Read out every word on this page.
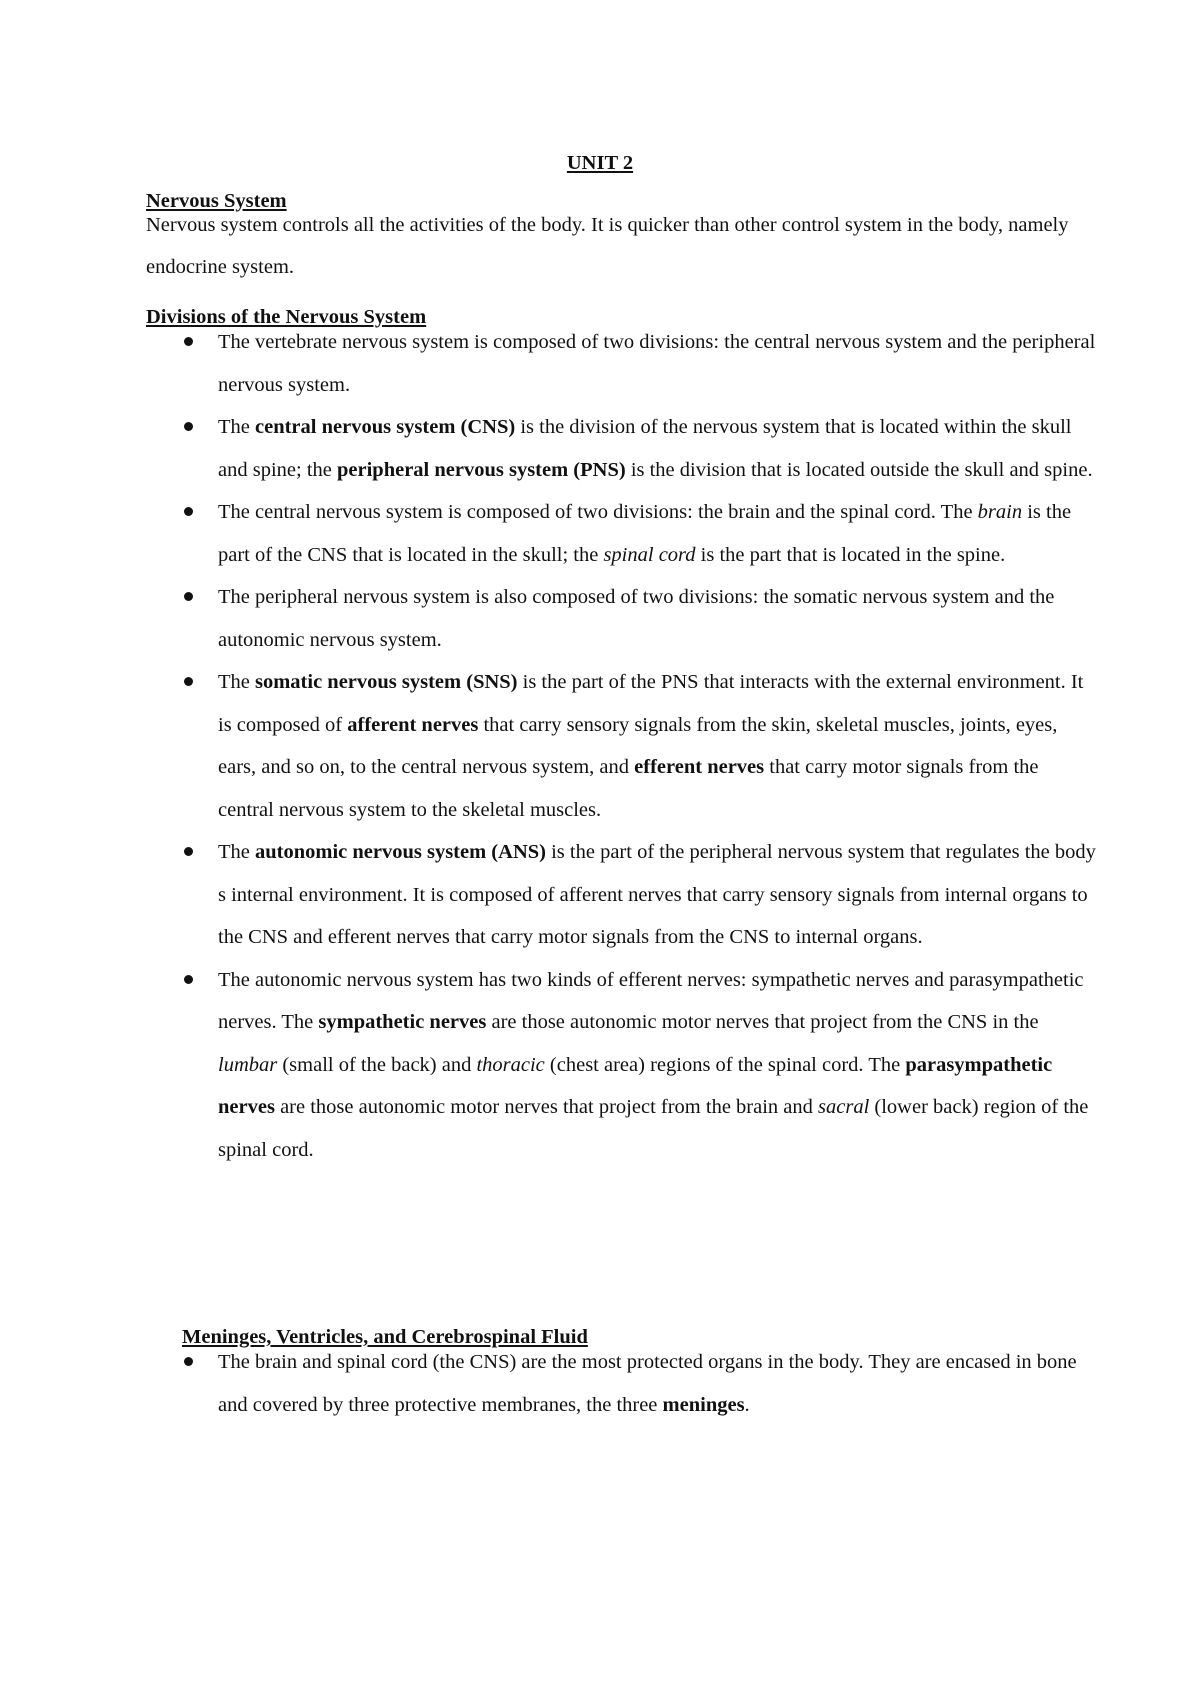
UNIT 2
Nervous System

Nervous system controls all the activities of the body. It is quicker than other control system in the body, namely endocrine system.

Divisions of the Nervous System
The vertebrate nervous system is composed of two divisions: the central nervous system and the peripheral nervous system.
The central nervous system (CNS) is the division of the nervous system that is located within the skull and spine; the peripheral nervous system (PNS) is the division that is located outside the skull and spine.
The central nervous system is composed of two divisions: the brain and the spinal cord. The brain is the part of the CNS that is located in the skull; the spinal cord is the part that is located in the spine.
The peripheral nervous system is also composed of two divisions: the somatic nervous system and the autonomic nervous system.
The somatic nervous system (SNS) is the part of the PNS that interacts with the external environment. It is composed of afferent nerves that carry sensory signals from the skin, skeletal muscles, joints, eyes, ears, and so on, to the central nervous system, and efferent nerves that carry motor signals from the central nervous system to the skeletal muscles.
The autonomic nervous system (ANS) is the part of the peripheral nervous system that regulates the body s internal environment. It is composed of afferent nerves that carry sensory signals from internal organs to the CNS and efferent nerves that carry motor signals from the CNS to internal organs.
The autonomic nervous system has two kinds of efferent nerves: sympathetic nerves and parasympathetic nerves. The sympathetic nerves are those autonomic motor nerves that project from the CNS in the lumbar (small of the back) and thoracic (chest area) regions of the spinal cord. The parasympathetic nerves are those autonomic motor nerves that project from the brain and sacral (lower back) region of the spinal cord.
Meninges, Ventricles, and Cerebrospinal Fluid
The brain and spinal cord (the CNS) are the most protected organs in the body. They are encased in bone and covered by three protective membranes, the three meninges.
